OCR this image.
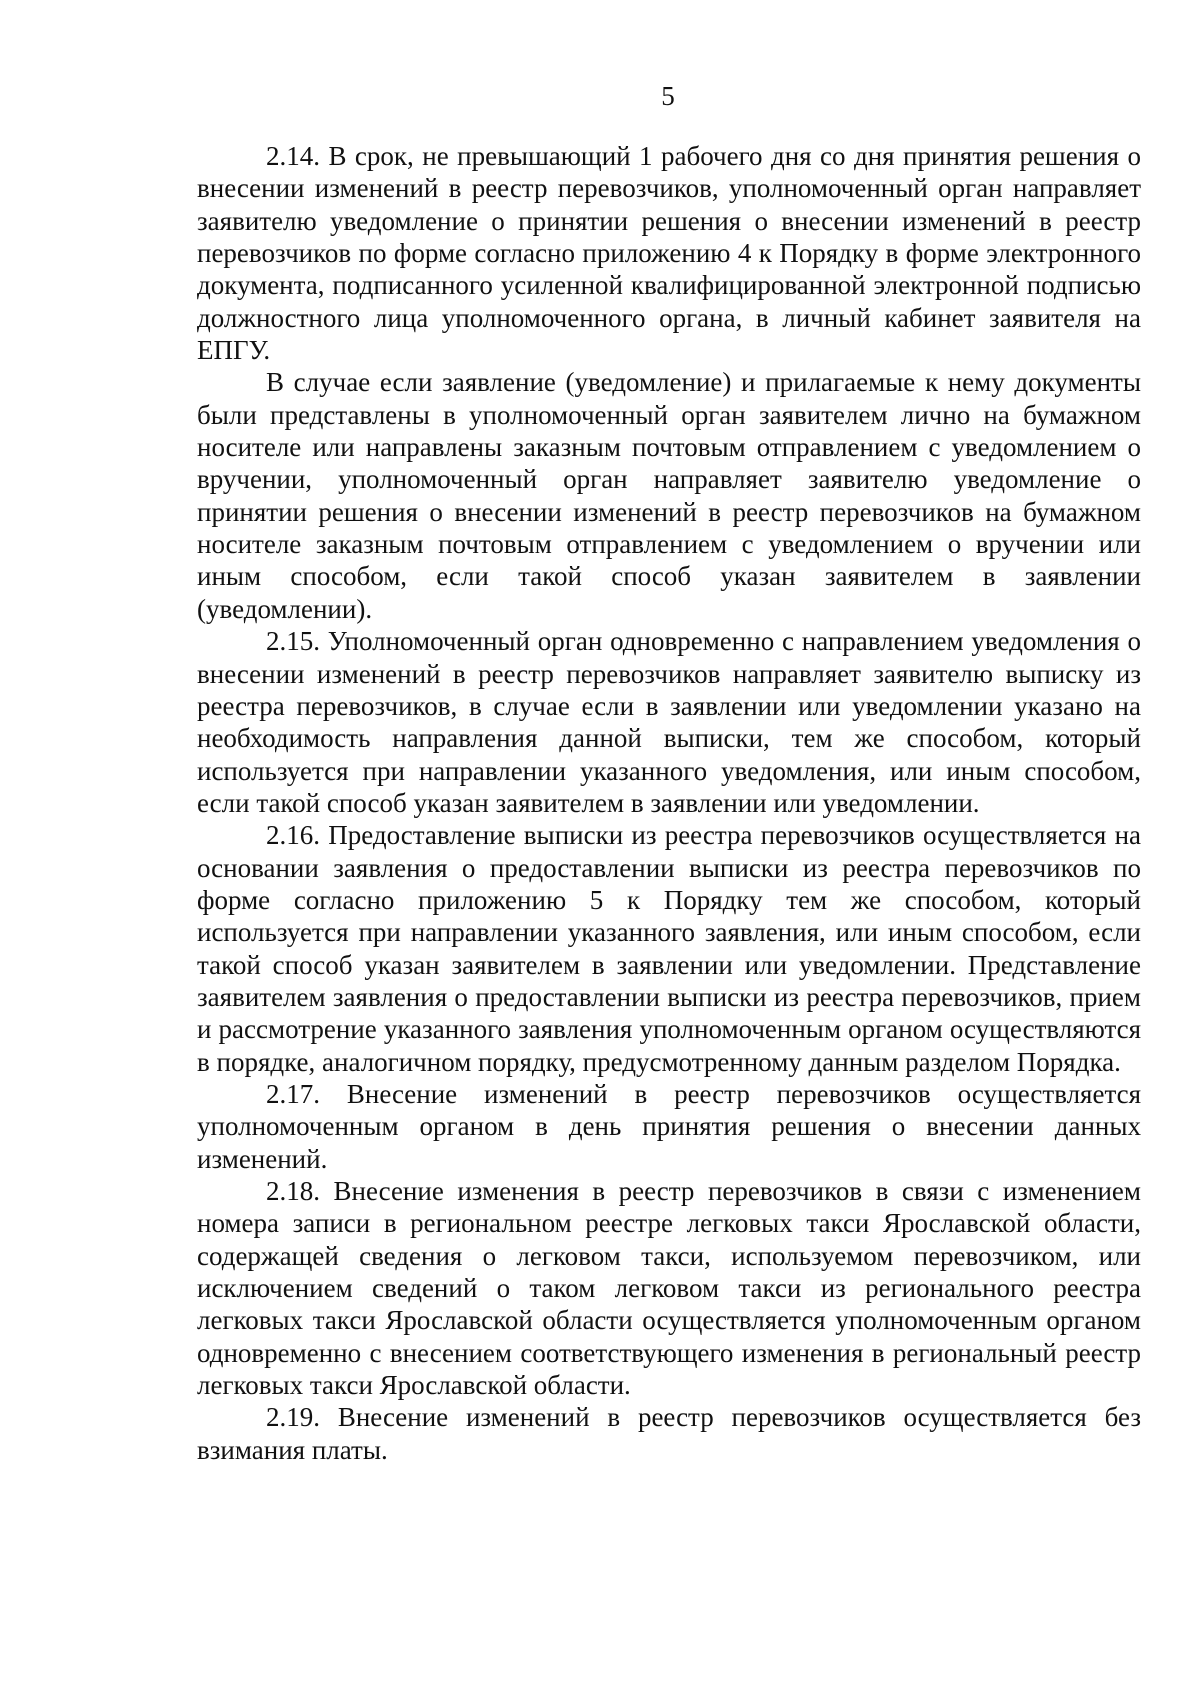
5

2.14. В срок, не превышающий 1 рабочего дня со дня принятия решения о внесении изменений в реестр перевозчиков, уполномоченный орган направляет заявителю уведомление о принятии решения о внесении изменений в реестр перевозчиков по форме согласно приложению 4 к Порядку в форме электронного документа, подписанного усиленной квалифицированной электронной подписью должностного лица уполномоченного органа, в личный кабинет заявителя на ЕПГУ.

В случае если заявление (уведомление) и прилагаемые к нему документы были представлены в уполномоченный орган заявителем лично на бумажном носителе или направлены заказным почтовым отправлением с уведомлением о вручении, уполномоченный орган направляет заявителю уведомление о принятии решения о внесении изменений в реестр перевозчиков на бумажном носителе заказным почтовым отправлением с уведомлением о вручении или иным способом, если такой способ указан заявителем в заявлении (уведомлении).

2.15. Уполномоченный орган одновременно с направлением уведомления о внесении изменений в реестр перевозчиков направляет заявителю выписку из реестра перевозчиков, в случае если в заявлении или уведомлении указано на необходимость направления данной выписки, тем же способом, который используется при направлении указанного уведомления, или иным способом, если такой способ указан заявителем в заявлении или уведомлении.

2.16. Предоставление выписки из реестра перевозчиков осуществляется на основании заявления о предоставлении выписки из реестра перевозчиков по форме согласно приложению 5 к Порядку тем же способом, который используется при направлении указанного заявления, или иным способом, если такой способ указан заявителем в заявлении или уведомлении. Представление заявителем заявления о предоставлении выписки из реестра перевозчиков, прием и рассмотрение указанного заявления уполномоченным органом осуществляются в порядке, аналогичном порядку, предусмотренному данным разделом Порядка.

2.17. Внесение изменений в реестр перевозчиков осуществляется уполномоченным органом в день принятия решения о внесении данных изменений.

2.18. Внесение изменения в реестр перевозчиков в связи с изменением номера записи в региональном реестре легковых такси Ярославской области, содержащей сведения о легковом такси, используемом перевозчиком, или исключением сведений о таком легковом такси из регионального реестра легковых такси Ярославской области осуществляется уполномоченным органом одновременно с внесением соответствующего изменения в региональный реестр легковых такси Ярославской области.

2.19. Внесение изменений в реестр перевозчиков осуществляется без взимания платы.
